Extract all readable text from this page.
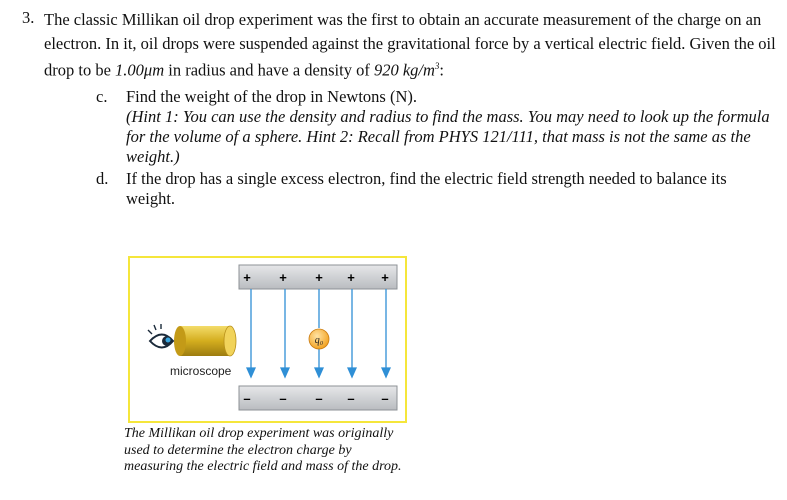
3. The classic Millikan oil drop experiment was the first to obtain an accurate measurement of the charge on an electron. In it, oil drops were suspended against the gravitational force by a vertical electric field. Given the oil drop to be 1.00μm in radius and have a density of 920 $kg/m^3$:
c. Find the weight of the drop in Newtons (N).
(Hint 1: You can use the density and radius to find the mass. You may need to look up the formula for the volume of a sphere. Hint 2: Recall from PHYS 121/111, that mass is not the same as the weight.)
d. If the drop has a single excess electron, find the electric field strength needed to balance its weight.
+ + + + +
– – – – –
q₀
microscope
The Millikan oil drop experiment was originally used to determine the electron charge by measuring the electric field and mass of the drop.
